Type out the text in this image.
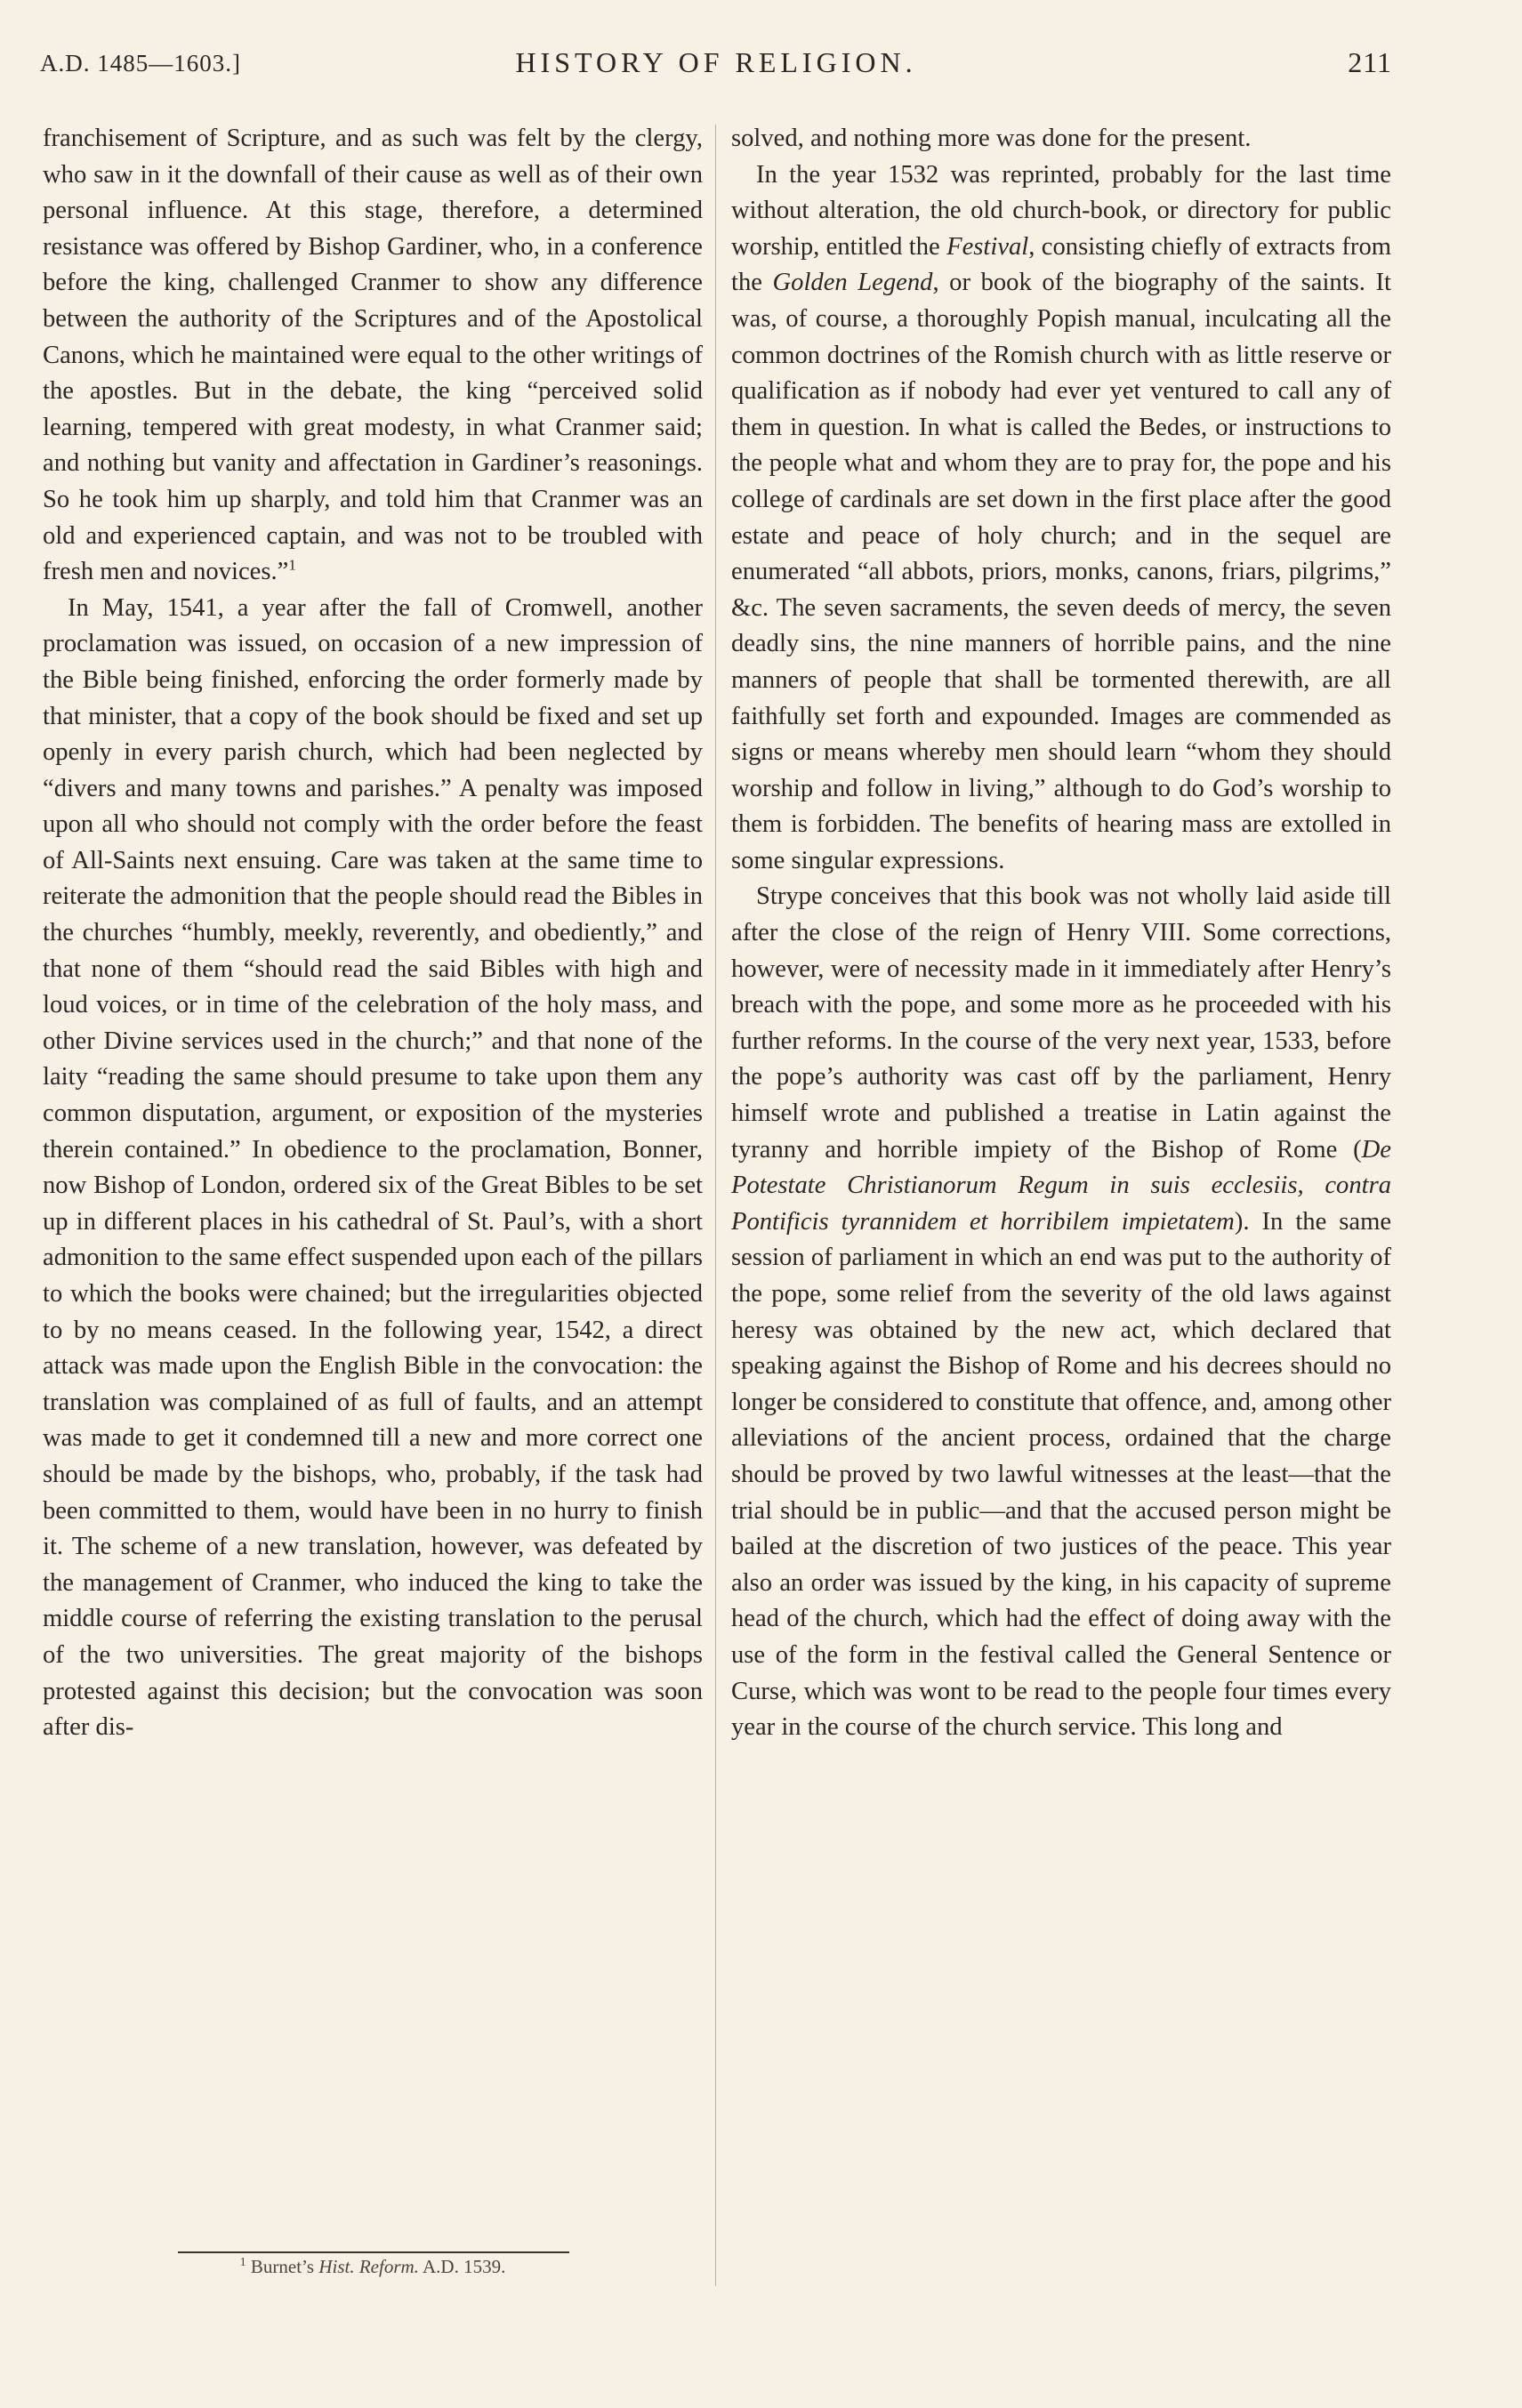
A.D. 1485—1603.]	HISTORY OF RELIGION.	211

franchisement of Scripture, and as such was felt by the clergy, who saw in it the downfall of their cause as well as of their own personal influence. At this stage, therefore, a determined resistance was offered by Bishop Gardiner, who, in a conference before the king, challenged Cranmer to show any difference between the authority of the Scriptures and of the Apostolical Canons, which he maintained were equal to the other writings of the apostles. But in the debate, the king “perceived solid learning, tempered with great modesty, in what Cranmer said; and nothing but vanity and affectation in Gardiner’s reasonings. So he took him up sharply, and told him that Cranmer was an old and experienced captain, and was not to be troubled with fresh men and novices.”$^1$

In May, 1541, a year after the fall of Cromwell, another proclamation was issued, on occasion of a new impression of the Bible being finished, enforcing the order formerly made by that minister, that a copy of the book should be fixed and set up openly in every parish church, which had been neglected by “divers and many towns and parishes.” A penalty was imposed upon all who should not comply with the order before the feast of All-Saints next ensuing. Care was taken at the same time to reiterate the admonition that the people should read the Bibles in the churches “humbly, meekly, reverently, and obediently,” and that none of them “should read the said Bibles with high and loud voices, or in time of the celebration of the holy mass, and other Divine services used in the church;” and that none of the laity “reading the same should presume to take upon them any common disputation, argument, or exposition of the mysteries therein contained.” In obedience to the proclamation, Bonner, now Bishop of London, ordered six of the Great Bibles to be set up in different places in his cathedral of St. Paul’s, with a short admonition to the same effect suspended upon each of the pillars to which the books were chained; but the irregularities objected to by no means ceased. In the following year, 1542, a direct attack was made upon the English Bible in the convocation: the translation was complained of as full of faults, and an attempt was made to get it condemned till a new and more correct one should be made by the bishops, who, probably, if the task had been committed to them, would have been in no hurry to finish it. The scheme of a new translation, however, was defeated by the management of Cranmer, who induced the king to take the middle course of referring the existing translation to the perusal of the two universities. The great majority of the bishops protested against this decision; but the convocation was soon after dis-

solved, and nothing more was done for the present.

In the year 1532 was reprinted, probably for the last time without alteration, the old church-book, or directory for public worship, entitled the Festival, consisting chiefly of extracts from the Golden Legend, or book of the biography of the saints. It was, of course, a thoroughly Popish manual, inculcating all the common doctrines of the Romish church with as little reserve or qualification as if nobody had ever yet ventured to call any of them in question. In what is called the Bedes, or instructions to the people what and whom they are to pray for, the pope and his college of cardinals are set down in the first place after the good estate and peace of holy church; and in the sequel are enumerated “all abbots, priors, monks, canons, friars, pilgrims,” &c. The seven sacraments, the seven deeds of mercy, the seven deadly sins, the nine manners of horrible pains, and the nine manners of people that shall be tormented therewith, are all faithfully set forth and expounded. Images are commended as signs or means whereby men should learn “whom they should worship and follow in living,” although to do God’s worship to them is forbidden. The benefits of hearing mass are extolled in some singular expressions.

Strype conceives that this book was not wholly laid aside till after the close of the reign of Henry VIII. Some corrections, however, were of necessity made in it immediately after Henry’s breach with the pope, and some more as he proceeded with his further reforms. In the course of the very next year, 1533, before the pope’s authority was cast off by the parliament, Henry himself wrote and published a treatise in Latin against the tyranny and horrible impiety of the Bishop of Rome (De Potestate Christianorum Regum in suis ecclesiis, contra Pontificis tyrannidem et horribilem impietatem). In the same session of parliament in which an end was put to the authority of the pope, some relief from the severity of the old laws against heresy was obtained by the new act, which declared that speaking against the Bishop of Rome and his decrees should no longer be considered to constitute that offence, and, among other alleviations of the ancient process, ordained that the charge should be proved by two lawful witnesses at the least—that the trial should be in public—and that the accused person might be bailed at the discretion of two justices of the peace. This year also an order was issued by the king, in his capacity of supreme head of the church, which had the effect of doing away with the use of the form in the festival called the General Sentence or Curse, which was wont to be read to the people four times every year in the course of the church service. This long and

$^1$ Burnet’s Hist. Reform. A.D. 1539.
